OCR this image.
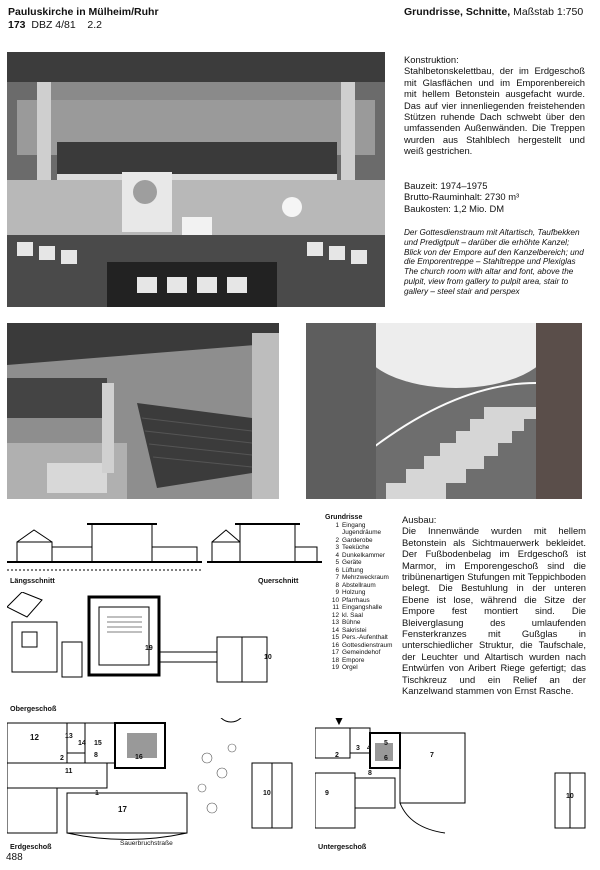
Pauluskirche in Mülheim/Ruhr
173 DBZ 4/81 2.2
Grundrisse, Schnitte, Maßstab 1:750
Konstruktion:
Stahlbetonskelettbau, der im Erdgeschoß mit Glasflächen und im Emporenbereich mit hellem Betonstein ausgefacht wurde. Das auf vier innenliegenden freistehenden Stützen ruhende Dach schwebt über den umfassenden Außenwänden. Die Treppen wurden aus Stahlblech hergestellt und weiß gestrichen.
Bauzeit: 1974–1975
Brutto-Rauminhalt: 2730 m³
Baukosten: 1,2 Mio. DM
Der Gottesdienstraum mit Altartisch, Taufbekken und Predigtpult – darüber die erhöhte Kanzel; Blick von der Empore auf den Kanzelbereich; und die Emporentreppe – Stahltreppe und Plexiglas
The church room with altar and font, above the pulpit, view from gallery to pulpit area, stair to gallery – steel stair and perspex
Längsschnitt	Querschnitt
Grundrisse
1 Eingang
Jugendräume
2 Garderobe
3 Teeküche
4 Dunkelkammer
5 Geräte
6 Lüftung
7 Mehrzweckraum
8 Abstellraum
9 Holzung
10 Pfarrhaus
11 Eingangshalle
12 kl. Saal
13 Bühne
14 Sakristei
15 Pers.-Aufenthalt
16 Gottesdienstraum
17 Gemeindehof
18 Empore
19 Orgel
Ausbau:
Die Innenwände wurden mit hellem Betonstein als Sichtmauerwerk bekleidet. Der Fußbodenbelag im Erdgeschoß ist Marmor, im Emporengeschoß sind die tribünenartigen Stufungen mit Teppichboden belegt. Die Bestuhlung in der unteren Ebene ist lose, während die Sitze der Empore fest montiert sind. Die Bleiverglasung des umlaufenden Fensterkranzes mit Gußglas in unterschiedlicher Struktur, die Taufschale, der Leuchter und Altartisch wurden nach Entwürfen von Aribert Riege gefertigt; das Tischkreuz und ein Relief an der Kanzelwand stammen von Ernst Rasche.
19
10
Obergeschoß
12	13
14 15
8	16
2
11
1
17
10
Sauerbruchstraße
Erdgeschoß
2
3 4
5
6	7
8
9	10
Untergeschoß
488
